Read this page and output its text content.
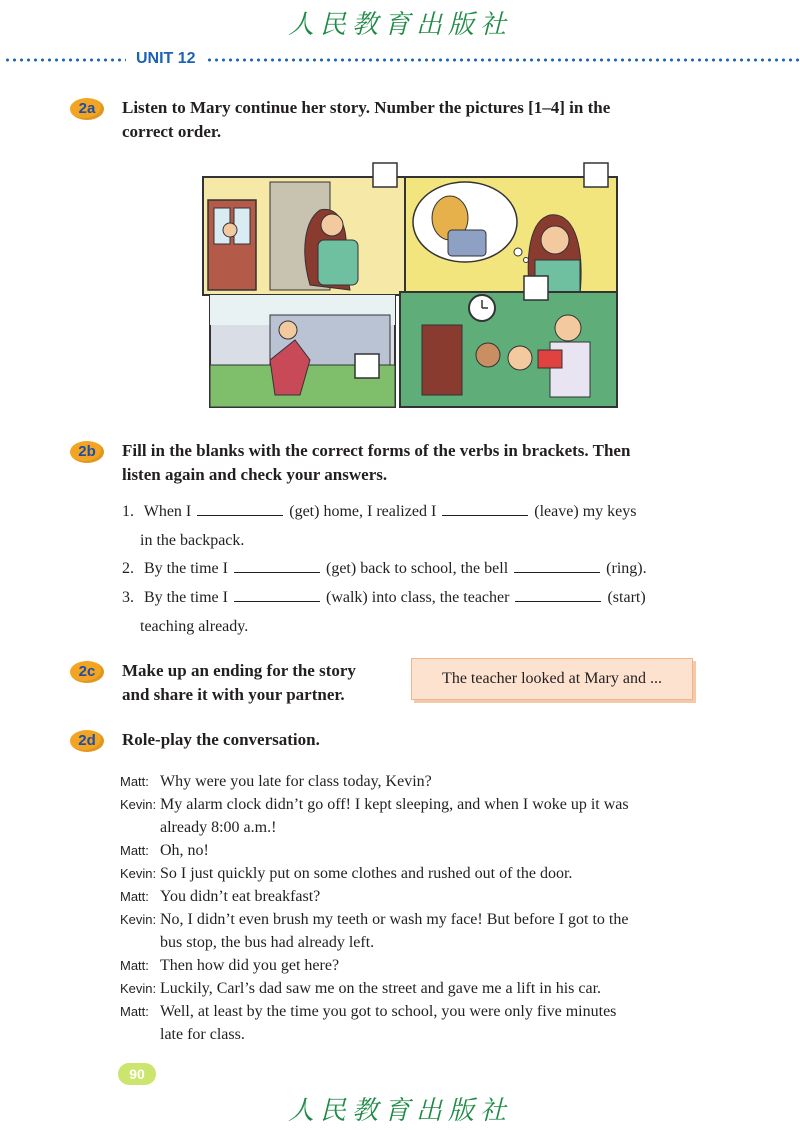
人民教育出版社
UNIT 12
2a	Listen to Mary continue her story. Number the pictures [1–4] in the
correct order.
2b	Fill in the blanks with the correct forms of the verbs in brackets. Then
listen again and check your answers.
1. When I	(get) home, I realized I	(leave) my keys
in the backpack.
2. By the time I	(get) back to school, the bell	(ring).
3. By the time I	(walk) into class, the teacher	(start)
teaching already.
2c	Make up an ending for the story
and share it with your partner.
The teacher looked at Mary and ...
2d	Role-play the conversation.
Matt: Why were you late for class today, Kevin?
Kevin: My alarm clock didn’t go off! I kept sleeping, and when I woke up it was
already 8:00 a.m.!
Matt: Oh, no!
Kevin: So I just quickly put on some clothes and rushed out of the door.
Matt: You didn’t eat breakfast?
Kevin: No, I didn’t even brush my teeth or wash my face! But before I got to the
bus stop, the bus had already left.
Matt: Then how did you get here?
Kevin: Luckily, Carl’s dad saw me on the street and gave me a lift in his car.
Matt: Well, at least by the time you got to school, you were only five minutes
late for class.
90
人民教育出版社
